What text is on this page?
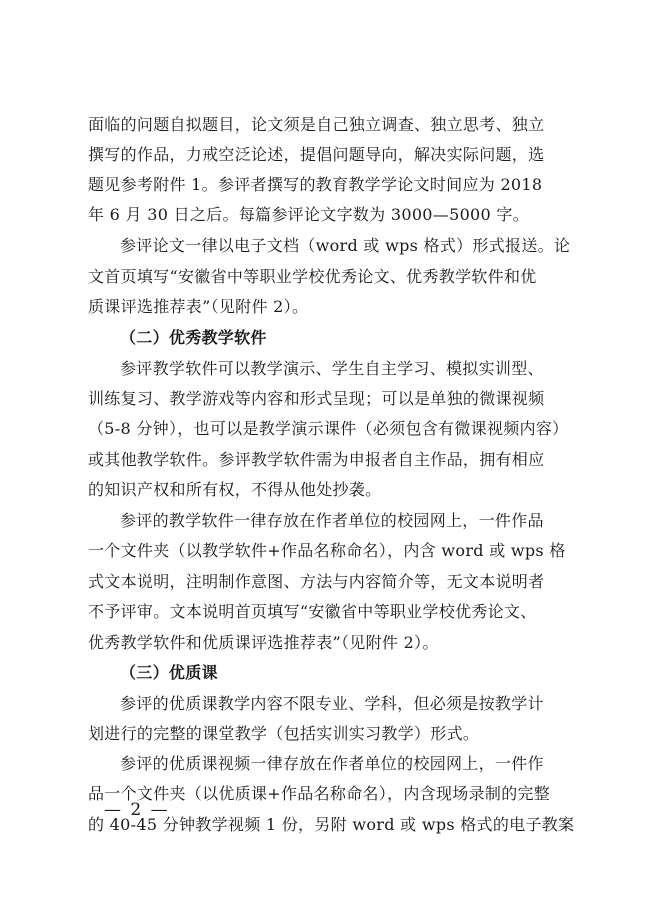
面临的问题自拟题目，论文须是自己独立调查、独立思考、独立
撰写的作品，力戒空泛论述，提倡问题导向，解决实际问题，选
题见参考附件 1。参评者撰写的教育教学学论文时间应为 2018
年 6 月 30 日之后。每篇参评论文字数为 3000—5000 字。
参评论文一律以电子文档（word 或 wps 格式）形式报送。论
文首页填写“安徽省中等职业学校优秀论文、优秀教学软件和优
质课评选推荐表”（见附件 2）。
（二）优秀教学软件
参评教学软件可以教学演示、学生自主学习、模拟实训型、
训练复习、教学游戏等内容和形式呈现；可以是单独的微课视频
（5-8 分钟），也可以是教学演示课件（必须包含有微课视频内容）
或其他教学软件。参评教学软件需为申报者自主作品，拥有相应
的知识产权和所有权，不得从他处抄袭。
参评的教学软件一律存放在作者单位的校园网上，一件作品
一个文件夹（以教学软件+作品名称命名），内含 word 或 wps 格
式文本说明，注明制作意图、方法与内容简介等，无文本说明者
不予评审。文本说明首页填写“安徽省中等职业学校优秀论文、
优秀教学软件和优质课评选推荐表”（见附件 2）。
（三）优质课
参评的优质课教学内容不限专业、学科，但必须是按教学计
划进行的完整的课堂教学（包括实训实习教学）形式。
参评的优质课视频一律存放在作者单位的校园网上，一件作
品一个文件夹（以优质课+作品名称命名），内含现场录制的完整
的 40-45 分钟教学视频 1 份，另附 word 或 wps 格式的电子教案
— 2 —
